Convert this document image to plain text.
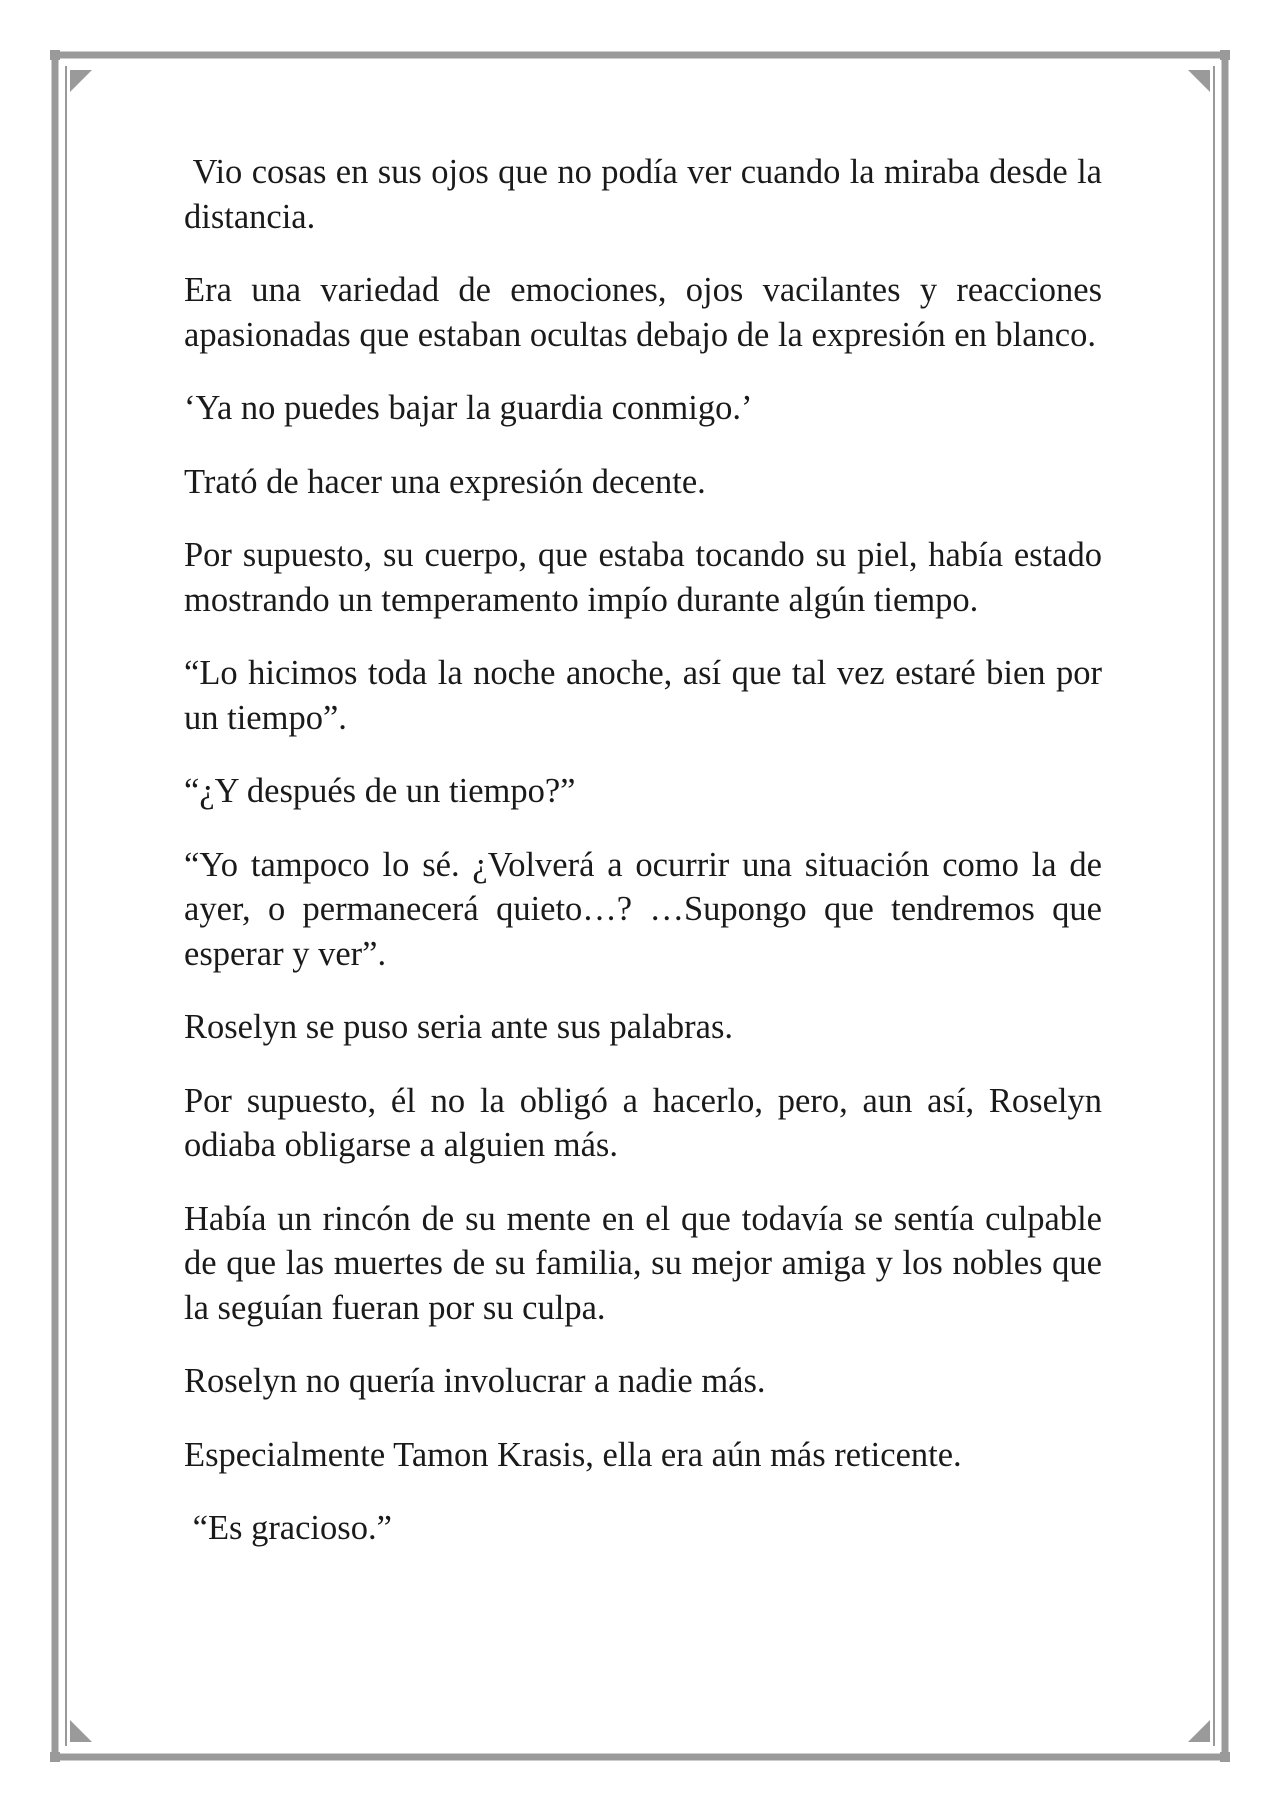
Vio cosas en sus ojos que no podía ver cuando la miraba desde la distancia.

Era una variedad de emociones, ojos vacilantes y reacciones apasionadas que estaban ocultas debajo de la expresión en blanco.

‘Ya no puedes bajar la guardia conmigo.’

Trató de hacer una expresión decente.

Por supuesto, su cuerpo, que estaba tocando su piel, había estado mostrando un temperamento impío durante algún tiempo.

“Lo hicimos toda la noche anoche, así que tal vez estaré bien por un tiempo”.

“¿Y después de un tiempo?”

“Yo tampoco lo sé. ¿Volverá a ocurrir una situación como la de ayer, o permanecerá quieto…? …Supongo que tendremos que esperar y ver”.

Roselyn se puso seria ante sus palabras.

Por supuesto, él no la obligó a hacerlo, pero, aun así, Roselyn odiaba obligarse a alguien más.

Había un rincón de su mente en el que todavía se sentía culpable de que las muertes de su familia, su mejor amiga y los nobles que la seguían fueran por su culpa.

Roselyn no quería involucrar a nadie más.

Especialmente Tamon Krasis, ella era aún más reticente.

“Es gracioso.”
